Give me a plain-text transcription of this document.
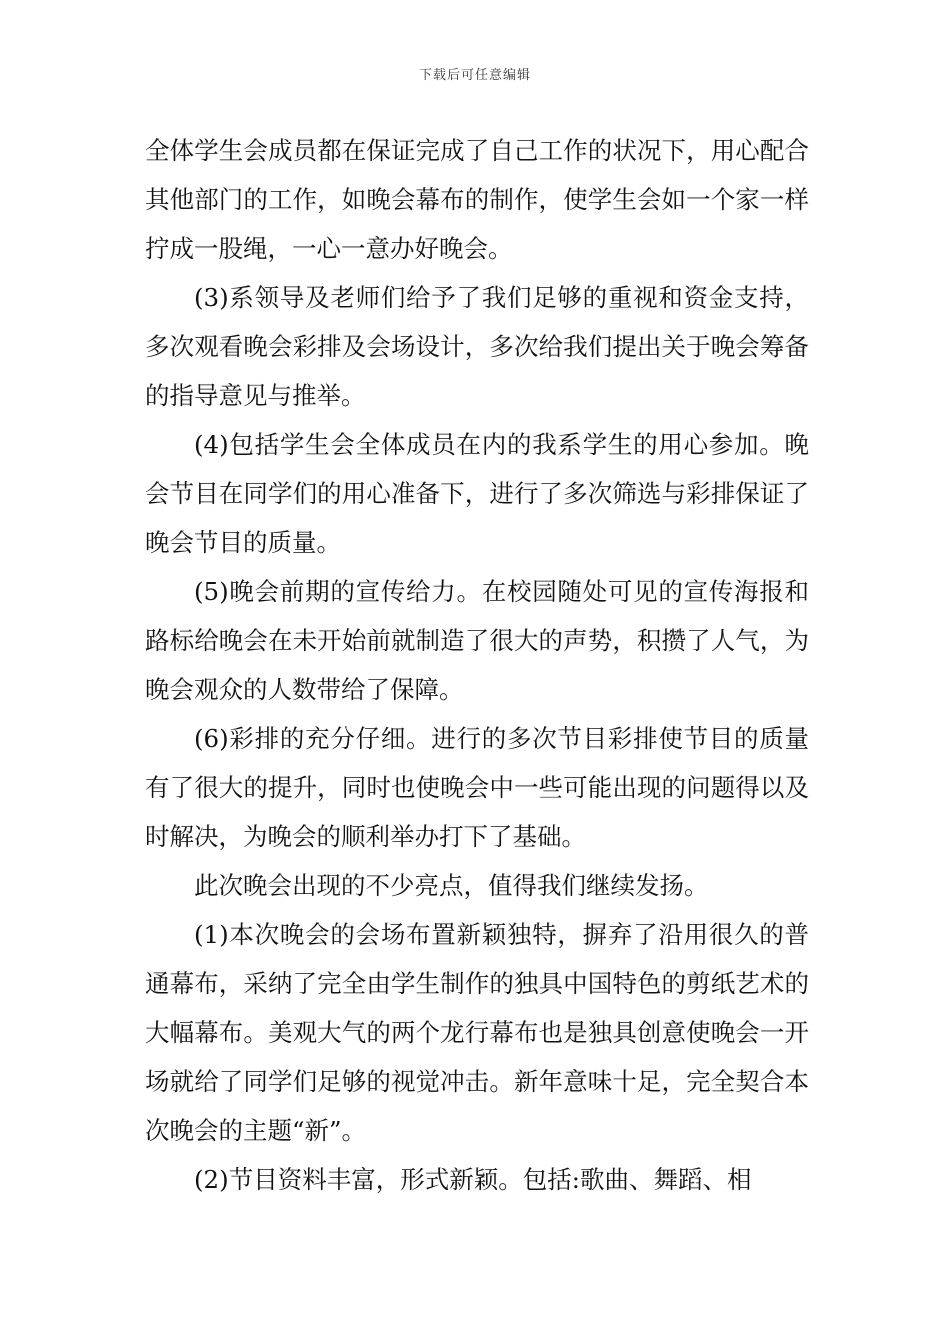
下载后可任意编辑

全体学生会成员都在保证完成了自己工作的状况下，用心配合其他部门的工作，如晚会幕布的制作，使学生会如一个家一样拧成一股绳，一心一意办好晚会。

(3)系领导及老师们给予了我们足够的重视和资金支持，多次观看晚会彩排及会场设计，多次给我们提出关于晚会筹备的指导意见与推举。

(4)包括学生会全体成员在内的我系学生的用心参加。晚会节目在同学们的用心准备下，进行了多次筛选与彩排保证了晚会节目的质量。

(5)晚会前期的宣传给力。在校园随处可见的宣传海报和路标给晚会在未开始前就制造了很大的声势，积攒了人气，为晚会观众的人数带给了保障。

(6)彩排的充分仔细。进行的多次节目彩排使节目的质量有了很大的提升，同时也使晚会中一些可能出现的问题得以及时解决，为晚会的顺利举办打下了基础。

此次晚会出现的不少亮点，值得我们继续发扬。

(1)本次晚会的会场布置新颖独特，摒弃了沿用很久的普通幕布，采纳了完全由学生制作的独具中国特色的剪纸艺术的大幅幕布。美观大气的两个龙行幕布也是独具创意使晚会一开场就给了同学们足够的视觉冲击。新年意味十足，完全契合本次晚会的主题“新”。

(2)节目资料丰富，形式新颖。包括:歌曲、舞蹈、相
